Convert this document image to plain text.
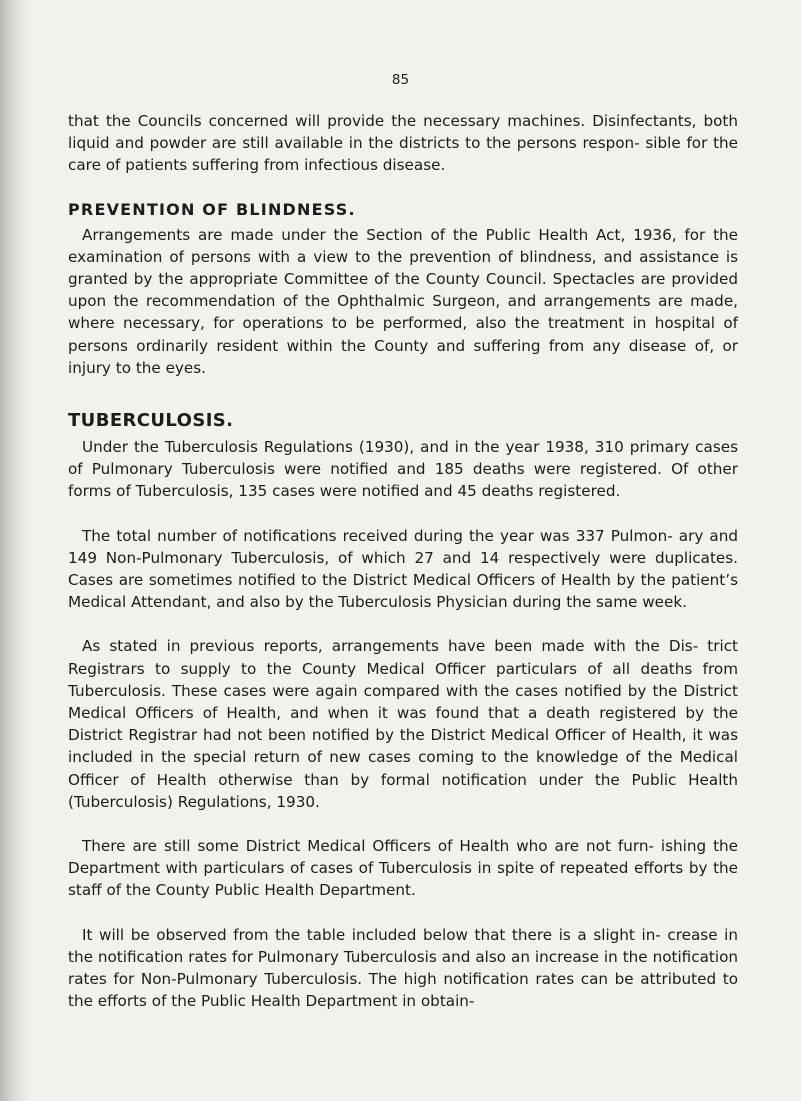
85

that the Councils concerned will provide the necessary machines. Disinfectants, both liquid and powder are still available in the districts to the persons respon- sible for the care of patients suffering from infectious disease.

PREVENTION OF BLINDNESS.

Arrangements are made under the Section of the Public Health Act, 1936, for the examination of persons with a view to the prevention of blindness, and assistance is granted by the appropriate Committee of the County Council. Spectacles are provided upon the recommendation of the Ophthalmic Surgeon, and arrangements are made, where necessary, for operations to be performed, also the treatment in hospital of persons ordinarily resident within the County and suffering from any disease of, or injury to the eyes.

TUBERCULOSIS.

Under the Tuberculosis Regulations (1930), and in the year 1938, 310 primary cases of Pulmonary Tuberculosis were notified and 185 deaths were registered. Of other forms of Tuberculosis, 135 cases were notified and 45 deaths registered.

The total number of notifications received during the year was 337 Pulmon- ary and 149 Non-Pulmonary Tuberculosis, of which 27 and 14 respectively were duplicates. Cases are sometimes notified to the District Medical Officers of Health by the patient’s Medical Attendant, and also by the Tuberculosis Physician during the same week.

As stated in previous reports, arrangements have been made with the Dis- trict Registrars to supply to the County Medical Officer particulars of all deaths from Tuberculosis. These cases were again compared with the cases notified by the District Medical Officers of Health, and when it was found that a death registered by the District Registrar had not been notified by the District Medical Officer of Health, it was included in the special return of new cases coming to the knowledge of the Medical Officer of Health otherwise than by formal notification under the Public Health (Tuberculosis) Regulations, 1930.

There are still some District Medical Officers of Health who are not furn- ishing the Department with particulars of cases of Tuberculosis in spite of repeated efforts by the staff of the County Public Health Department.

It will be observed from the table included below that there is a slight in- crease in the notification rates for Pulmonary Tuberculosis and also an increase in the notification rates for Non-Pulmonary Tuberculosis. The high notification rates can be attributed to the efforts of the Public Health Department in obtain-
